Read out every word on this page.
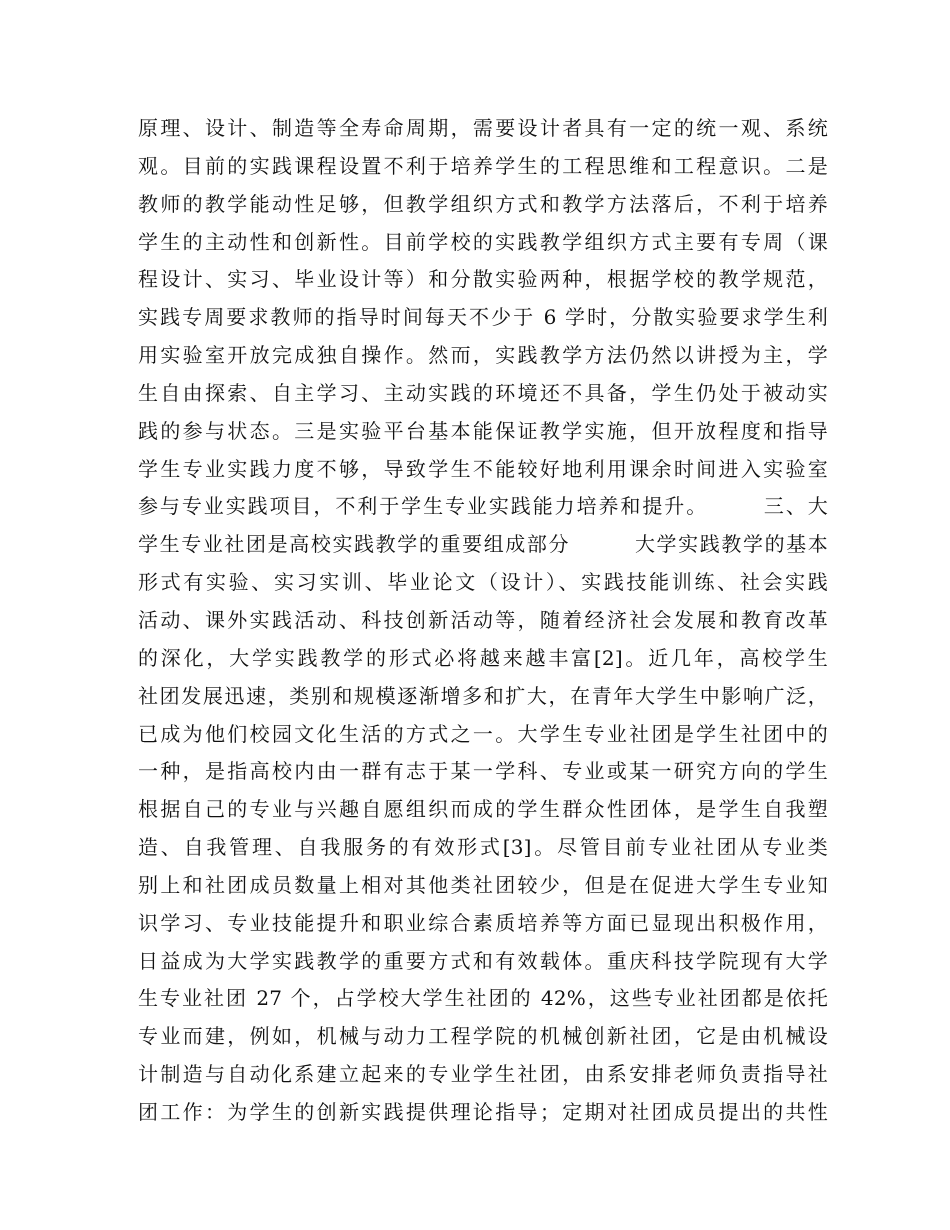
原理、设计、制造等全寿命周期，需要设计者具有一定的统一观、系统
观。目前的实践课程设置不利于培养学生的工程思维和工程意识。二是
教师的教学能动性足够，但教学组织方式和教学方法落后，不利于培养
学生的主动性和创新性。目前学校的实践教学组织方式主要有专周（课
程设计、实习、毕业设计等）和分散实验两种，根据学校的教学规范，
实践专周要求教师的指导时间每天不少于 6 学时，分散实验要求学生利
用实验室开放完成独自操作。然而，实践教学方法仍然以讲授为主，学
生自由探索、自主学习、主动实践的环境还不具备，学生仍处于被动实
践的参与状态。三是实验平台基本能保证教学实施，但开放程度和指导
学生专业实践力度不够，导致学生不能较好地利用课余时间进入实验室
参与专业实践项目，不利于学生专业实践能力培养和提升。　　　三、大
学生专业社团是高校实践教学的重要组成部分　　　大学实践教学的基本
形式有实验、实习实训、毕业论文（设计）、实践技能训练、社会实践
活动、课外实践活动、科技创新活动等，随着经济社会发展和教育改革
的深化，大学实践教学的形式必将越来越丰富[2]。近几年，高校学生
社团发展迅速，类别和规模逐渐增多和扩大，在青年大学生中影响广泛，
已成为他们校园文化生活的方式之一。大学生专业社团是学生社团中的
一种，是指高校内由一群有志于某一学科、专业或某一研究方向的学生
根据自己的专业与兴趣自愿组织而成的学生群众性团体，是学生自我塑
造、自我管理、自我服务的有效形式[3]。尽管目前专业社团从专业类
别上和社团成员数量上相对其他类社团较少，但是在促进大学生专业知
识学习、专业技能提升和职业综合素质培养等方面已显现出积极作用，
日益成为大学实践教学的重要方式和有效载体。重庆科技学院现有大学
生专业社团 27 个，占学校大学生社团的 42%，这些专业社团都是依托
专业而建，例如，机械与动力工程学院的机械创新社团，它是由机械设
计制造与自动化系建立起来的专业学生社团，由系安排老师负责指导社
团工作：为学生的创新实践提供理论指导；定期对社团成员提出的共性
